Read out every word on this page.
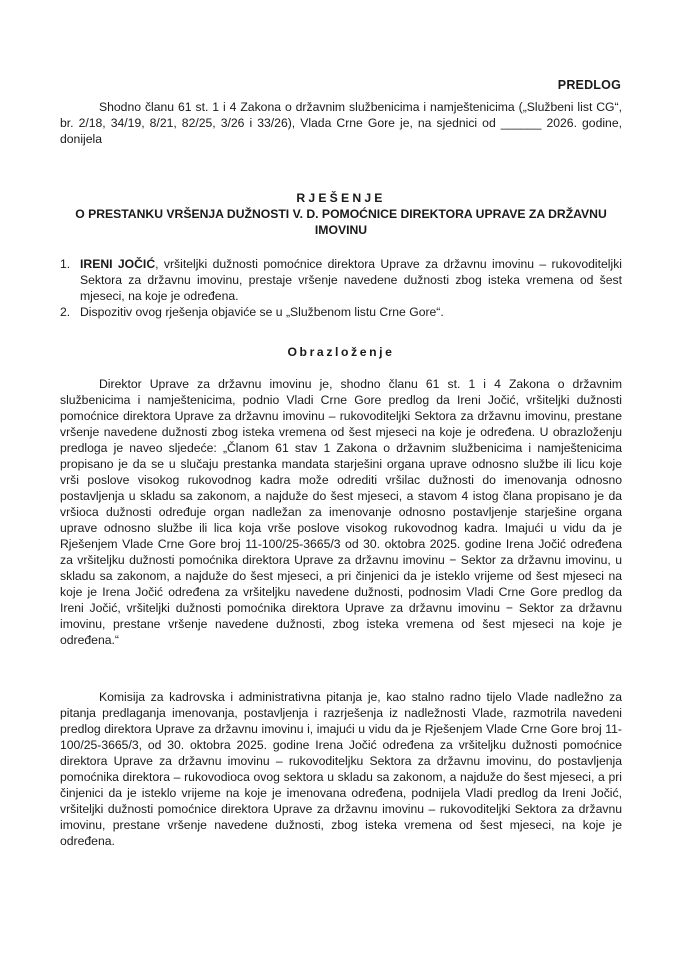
PREDLOG

Shodno članu 61 st. 1 i 4 Zakona o državnim službenicima i namještenicima („Službeni list CG“, br. 2/18, 34/19, 8/21, 82/25, 3/26 i 33/26), Vlada Crne Gore je, na sjednici od ______ 2026. godine, donijela

RJEŠENJE
O PRESTANKU VRŠENJA DUŽNOSTI V. D. POMOĆNICE DIREKTORA UPRAVE ZA DRŽAVNU IMOVINU
1. IRENI JOČIĆ, vršiteljki dužnosti pomoćnice direktora Uprave za državnu imovinu – rukovoditeljki Sektora za državnu imovinu, prestaje vršenje navedene dužnosti zbog isteka vremena od šest mjeseci, na koje je određena.
2. Dispozitiv ovog rješenja objaviće se u „Službenom listu Crne Gore“.
Obrazloženje

Direktor Uprave za državnu imovinu je, shodno članu 61 st. 1 i 4 Zakona o državnim službenicima i namještenicima, podnio Vladi Crne Gore predlog da Ireni Jočić, vršiteljki dužnosti pomoćnice direktora Uprave za državnu imovinu – rukovoditeljki Sektora za državnu imovinu, prestane vršenje navedene dužnosti zbog isteka vremena od šest mjeseci na koje je određena. U obrazloženju predloga je naveo sljedeće: „Članom 61 stav 1 Zakona o državnim službenicima i namještenicima propisano je da se u slučaju prestanka mandata starješini organa uprave odnosno službe ili licu koje vrši poslove visokog rukovodnog kadra može odrediti vršilac dužnosti do imenovanja odnosno postavljenja u skladu sa zakonom, a najduže do šest mjeseci, a stavom 4 istog člana propisano je da vršioca dužnosti određuje organ nadležan za imenovanje odnosno postavljenje starješine organa uprave odnosno službe ili lica koja vrše poslove visokog rukovodnog kadra. Imajući u vidu da je Rješenjem Vlade Crne Gore broj 11-100/25-3665/3 od 30. oktobra 2025. godine Irena Jočić određena za vršiteljku dužnosti pomoćnika direktora Uprave za državnu imovinu − Sektor za državnu imovinu, u skladu sa zakonom, a najduže do šest mjeseci, a pri činjenici da je isteklo vrijeme od šest mjeseci na koje je Irena Jočić određena za vršiteljku navedene dužnosti, podnosim Vladi Crne Gore predlog da Ireni Jočić, vršiteljki dužnosti pomoćnika direktora Uprave za državnu imovinu − Sektor za državnu imovinu, prestane vršenje navedene dužnosti, zbog isteka vremena od šest mjeseci na koje je određena.“

Komisija za kadrovska i administrativna pitanja je, kao stalno radno tijelo Vlade nadležno za pitanja predlaganja imenovanja, postavljenja i razrješenja iz nadležnosti Vlade, razmotrila navedeni predlog direktora Uprave za državnu imovinu i, imajući u vidu da je Rješenjem Vlade Crne Gore broj 11-100/25-3665/3, od 30. oktobra 2025. godine Irena Jočić određena za vršiteljku dužnosti pomoćnice direktora Uprave za državnu imovinu – rukovoditeljku Sektora za državnu imovinu, do postavljenja pomoćnika direktora – rukovodioca ovog sektora u skladu sa zakonom, a najduže do šest mjeseci, a pri činjenici da je isteklo vrijeme na koje je imenovana određena, podnijela Vladi predlog da Ireni Jočić, vršiteljki dužnosti pomoćnice direktora Uprave za državnu imovinu – rukovoditeljki Sektora za državnu imovinu, prestane vršenje navedene dužnosti, zbog isteka vremena od šest mjeseci, na koje je određena.
